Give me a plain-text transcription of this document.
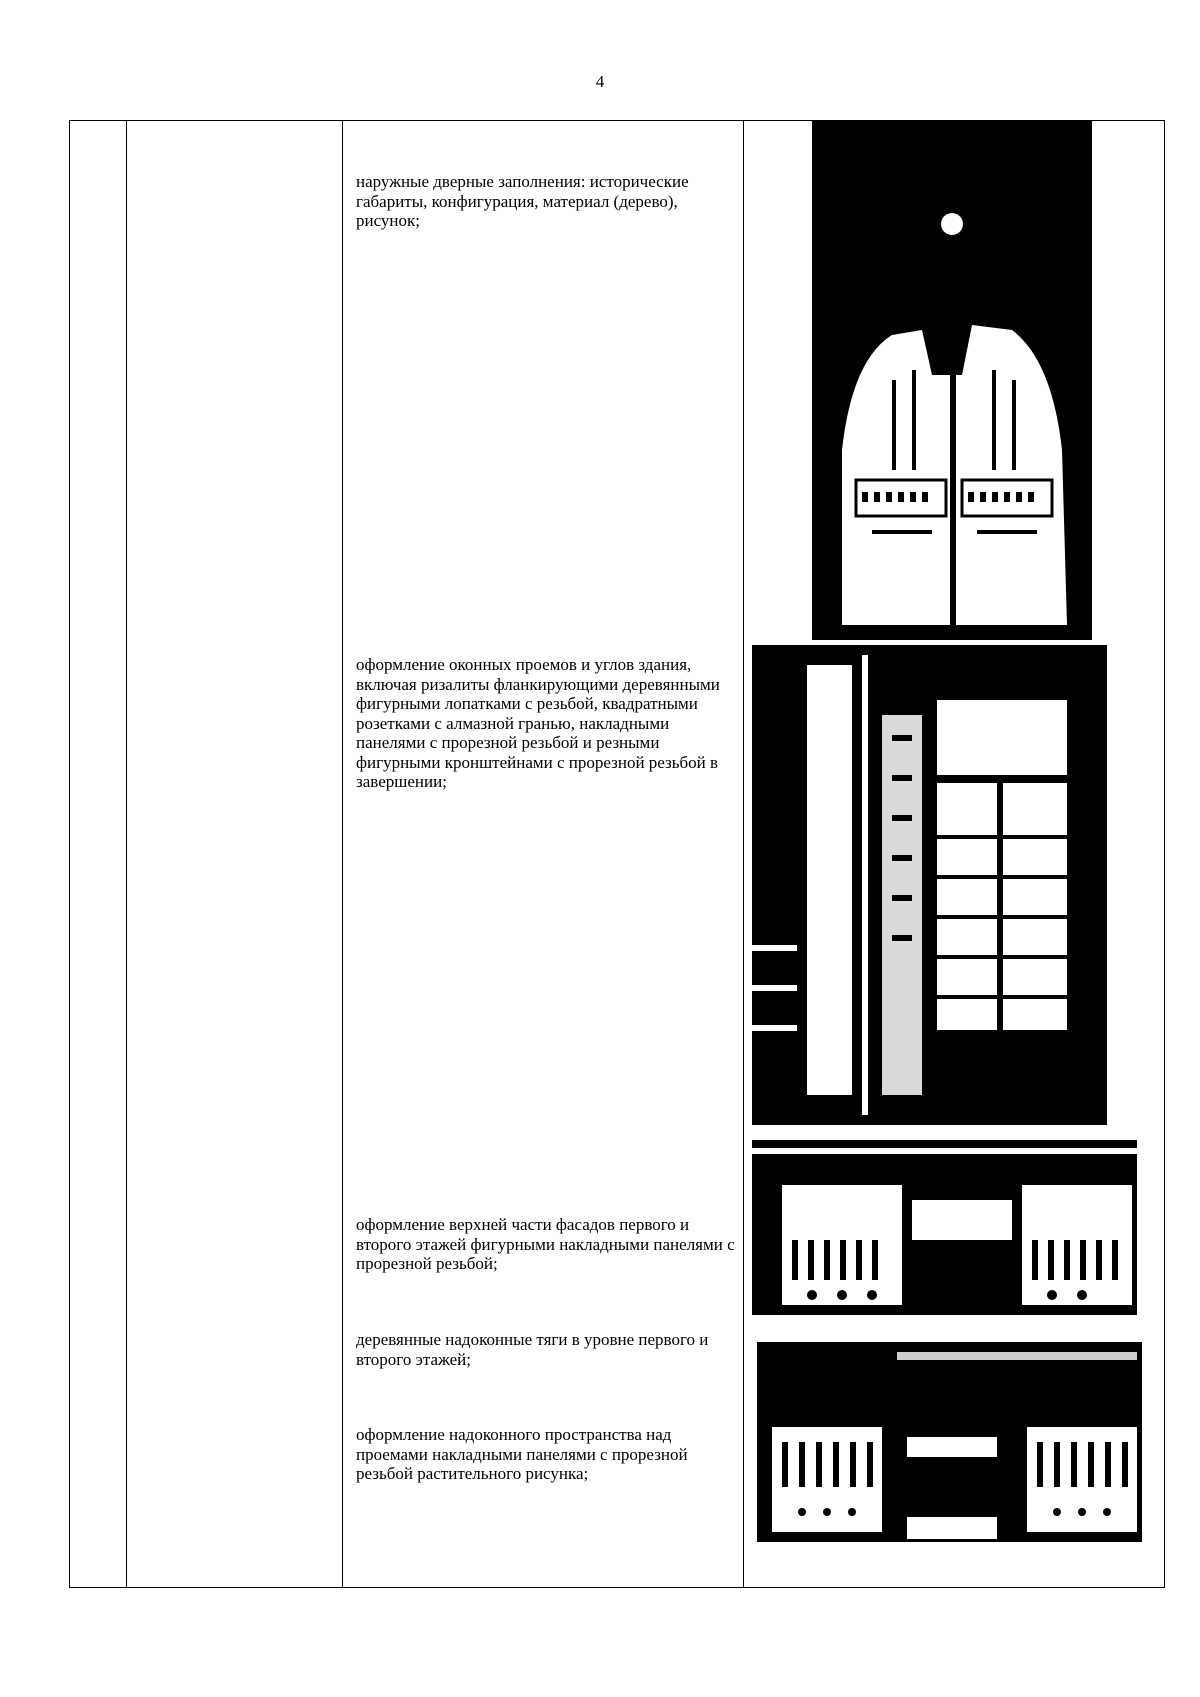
4
наружные дверные заполнения: исторические габариты, конфигурация, материал (дерево), рисунок;
оформление оконных проемов и углов здания, включая ризалиты фланкирующими деревянными фигурными лопатками с резьбой, квадратными розетками с алмазной гранью, накладными панелями с прорезной резьбой и резными фигурными кронштейнами с прорезной резьбой в завершении;
оформление верхней части фасадов первого и второго этажей фигурными накладными панелями с прорезной резьбой;
деревянные надоконные тяги в уровне первого и второго этажей;
оформление надоконного пространства над проемами накладными панелями с прорезной резьбой растительного рисунка;
